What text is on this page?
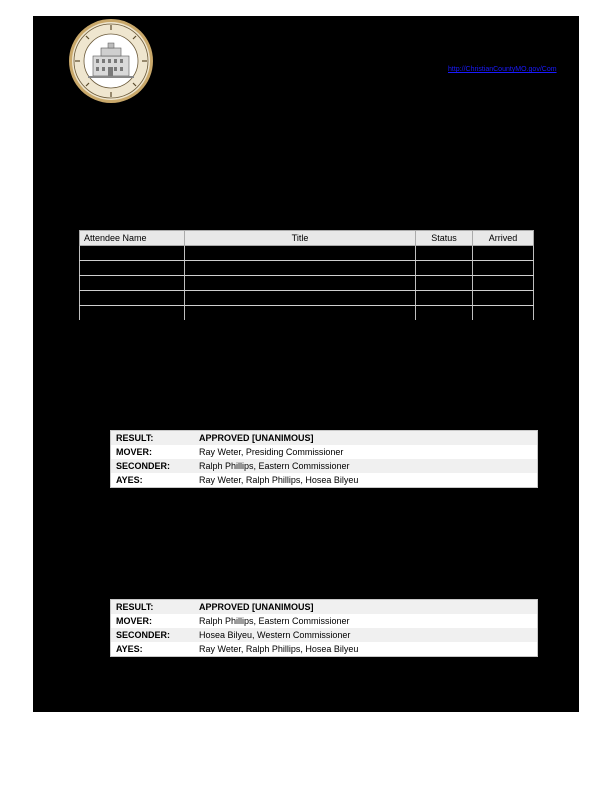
http://ChristianCountyMO.gov/Com
Attendee Name	Title	Status	Arrived

RESULT:	APPROVED [UNANIMOUS]
MOVER:	Ray Weter, Presiding Commissioner
SECONDER:	Ralph Phillips, Eastern Commissioner
AYES:	Ray Weter, Ralph Phillips, Hosea Bilyeu
RESULT:	APPROVED [UNANIMOUS]
MOVER:	Ralph Phillips, Eastern Commissioner
SECONDER:	Hosea Bilyeu, Western Commissioner
AYES:	Ray Weter, Ralph Phillips, Hosea Bilyeu
